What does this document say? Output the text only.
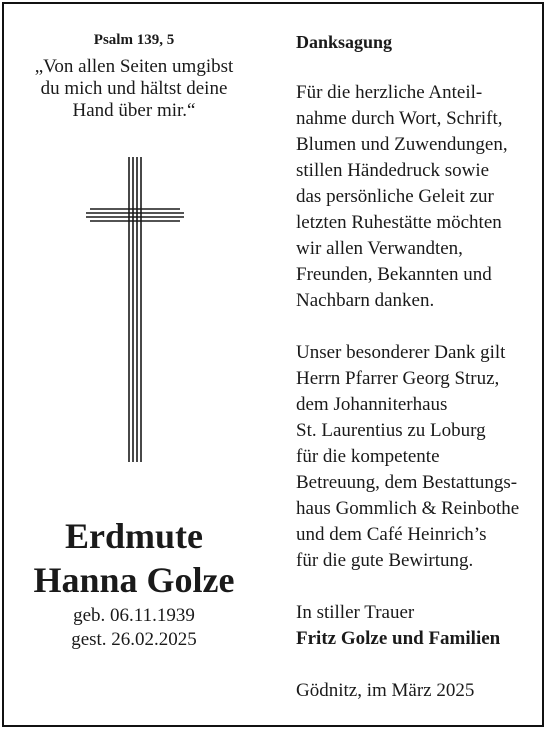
Psalm 139, 5
„Von allen Seiten umgibst
du mich und hältst deine
Hand über mir.“
Erdmute
Hanna Golze
geb. 06.11.1939
gest. 26.02.2025
Danksagung
Für die herzliche Anteil-
nahme durch Wort, Schrift,
Blumen und Zuwendungen,
stillen Händedruck sowie
das persönliche Geleit zur
letzten Ruhestätte möchten
wir allen Verwandten,
Freunden, Bekannten und
Nachbarn danken.
Unser besonderer Dank gilt
Herrn Pfarrer Georg Struz,
dem Johanniterhaus
St. Laurentius zu Loburg
für die kompetente
Betreuung, dem Bestattungs-
haus Gommlich & Reinbothe
und dem Café Heinrich’s
für die gute Bewirtung.
In stiller Trauer
Fritz Golze und Familien
Gödnitz, im März 2025
